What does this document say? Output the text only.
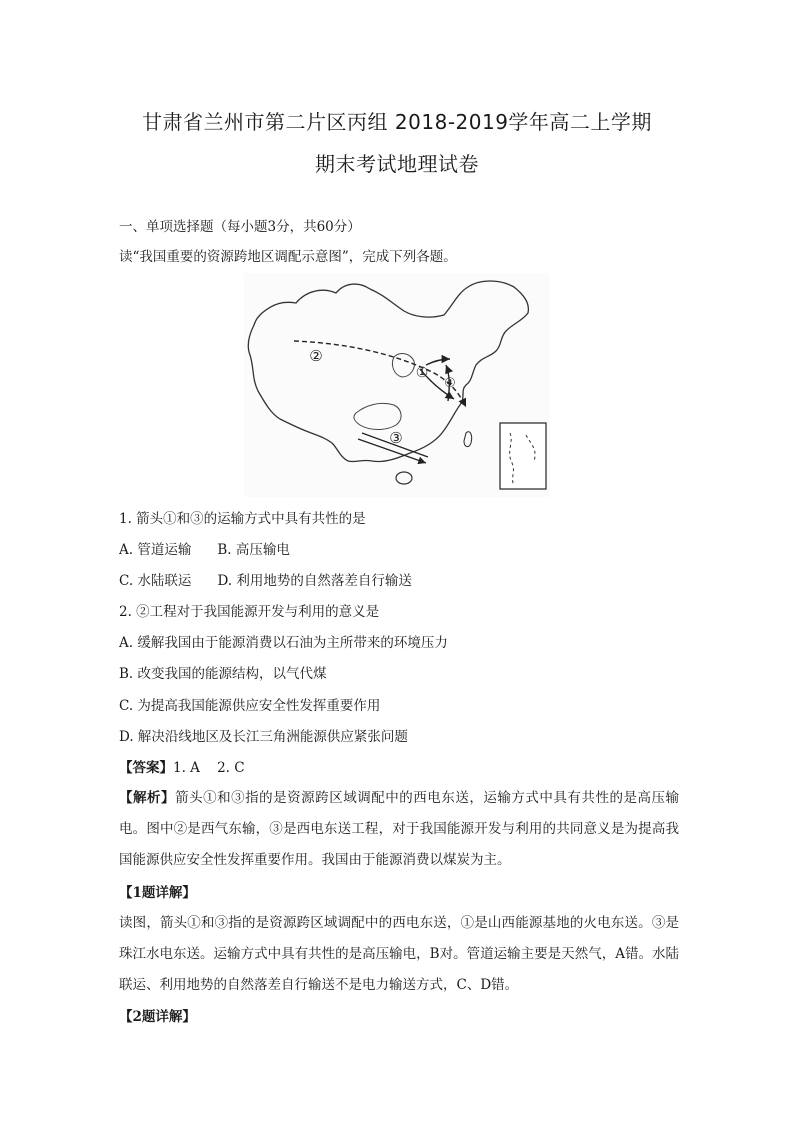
甘肃省兰州市第二片区丙组 2018-2019学年高二上学期
期末考试地理试卷
一、单项选择题（每小题3分，共60分）
读“我国重要的资源跨地区调配示意图”，完成下列各题。
②
①
④
③
1. 箭头①和③的运输方式中具有共性的是
A. 管道运输 B. 高压输电
C. 水陆联运 D. 利用地势的自然落差自行输送
2. ②工程对于我国能源开发与利用的意义是
A. 缓解我国由于能源消费以石油为主所带来的环境压力
B. 改变我国的能源结构，以气代煤
C. 为提高我国能源供应安全性发挥重要作用
D. 解决沿线地区及长江三角洲能源供应紧张问题
【答案】1. A    2. C
【解析】箭头①和③指的是资源跨区域调配中的西电东送，运输方式中具有共性的是高压输电。图中②是西气东输，③是西电东送工程，对于我国能源开发与利用的共同意义是为提高我国能源供应安全性发挥重要作用。我国由于能源消费以煤炭为主。
【1题详解】
读图，箭头①和③指的是资源跨区域调配中的西电东送，①是山西能源基地的火电东送。③是珠江水电东送。运输方式中具有共性的是高压输电，B对。管道运输主要是天然气，A错。水陆联运、利用地势的自然落差自行输送不是电力输送方式，C、D错。
【2题详解】
